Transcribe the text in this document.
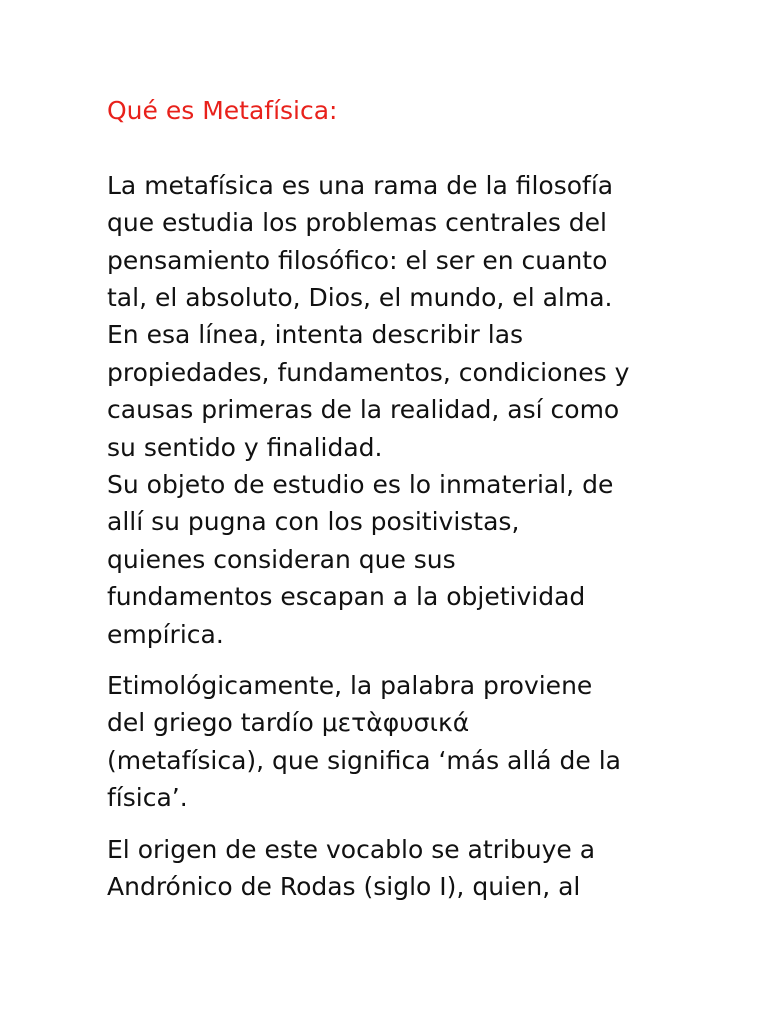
Qué es Metafísica:

La metafísica es una rama de la filosofía
que estudia los problemas centrales del
pensamiento filosófico: el ser en cuanto
tal, el absoluto, Dios, el mundo, el alma.
En esa línea, intenta describir las
propiedades, fundamentos, condiciones y
causas primeras de la realidad, así como
su sentido y finalidad.

Su objeto de estudio es lo inmaterial, de
allí su pugna con los positivistas,
quienes consideran que sus
fundamentos escapan a la objetividad
empírica.

Etimológicamente, la palabra proviene
del griego tardío μετὰφυσικά
(metafísica), que significa ‘más allá de la
física’.

El origen de este vocablo se atribuye a
Andrónico de Rodas (siglo I), quien, al
